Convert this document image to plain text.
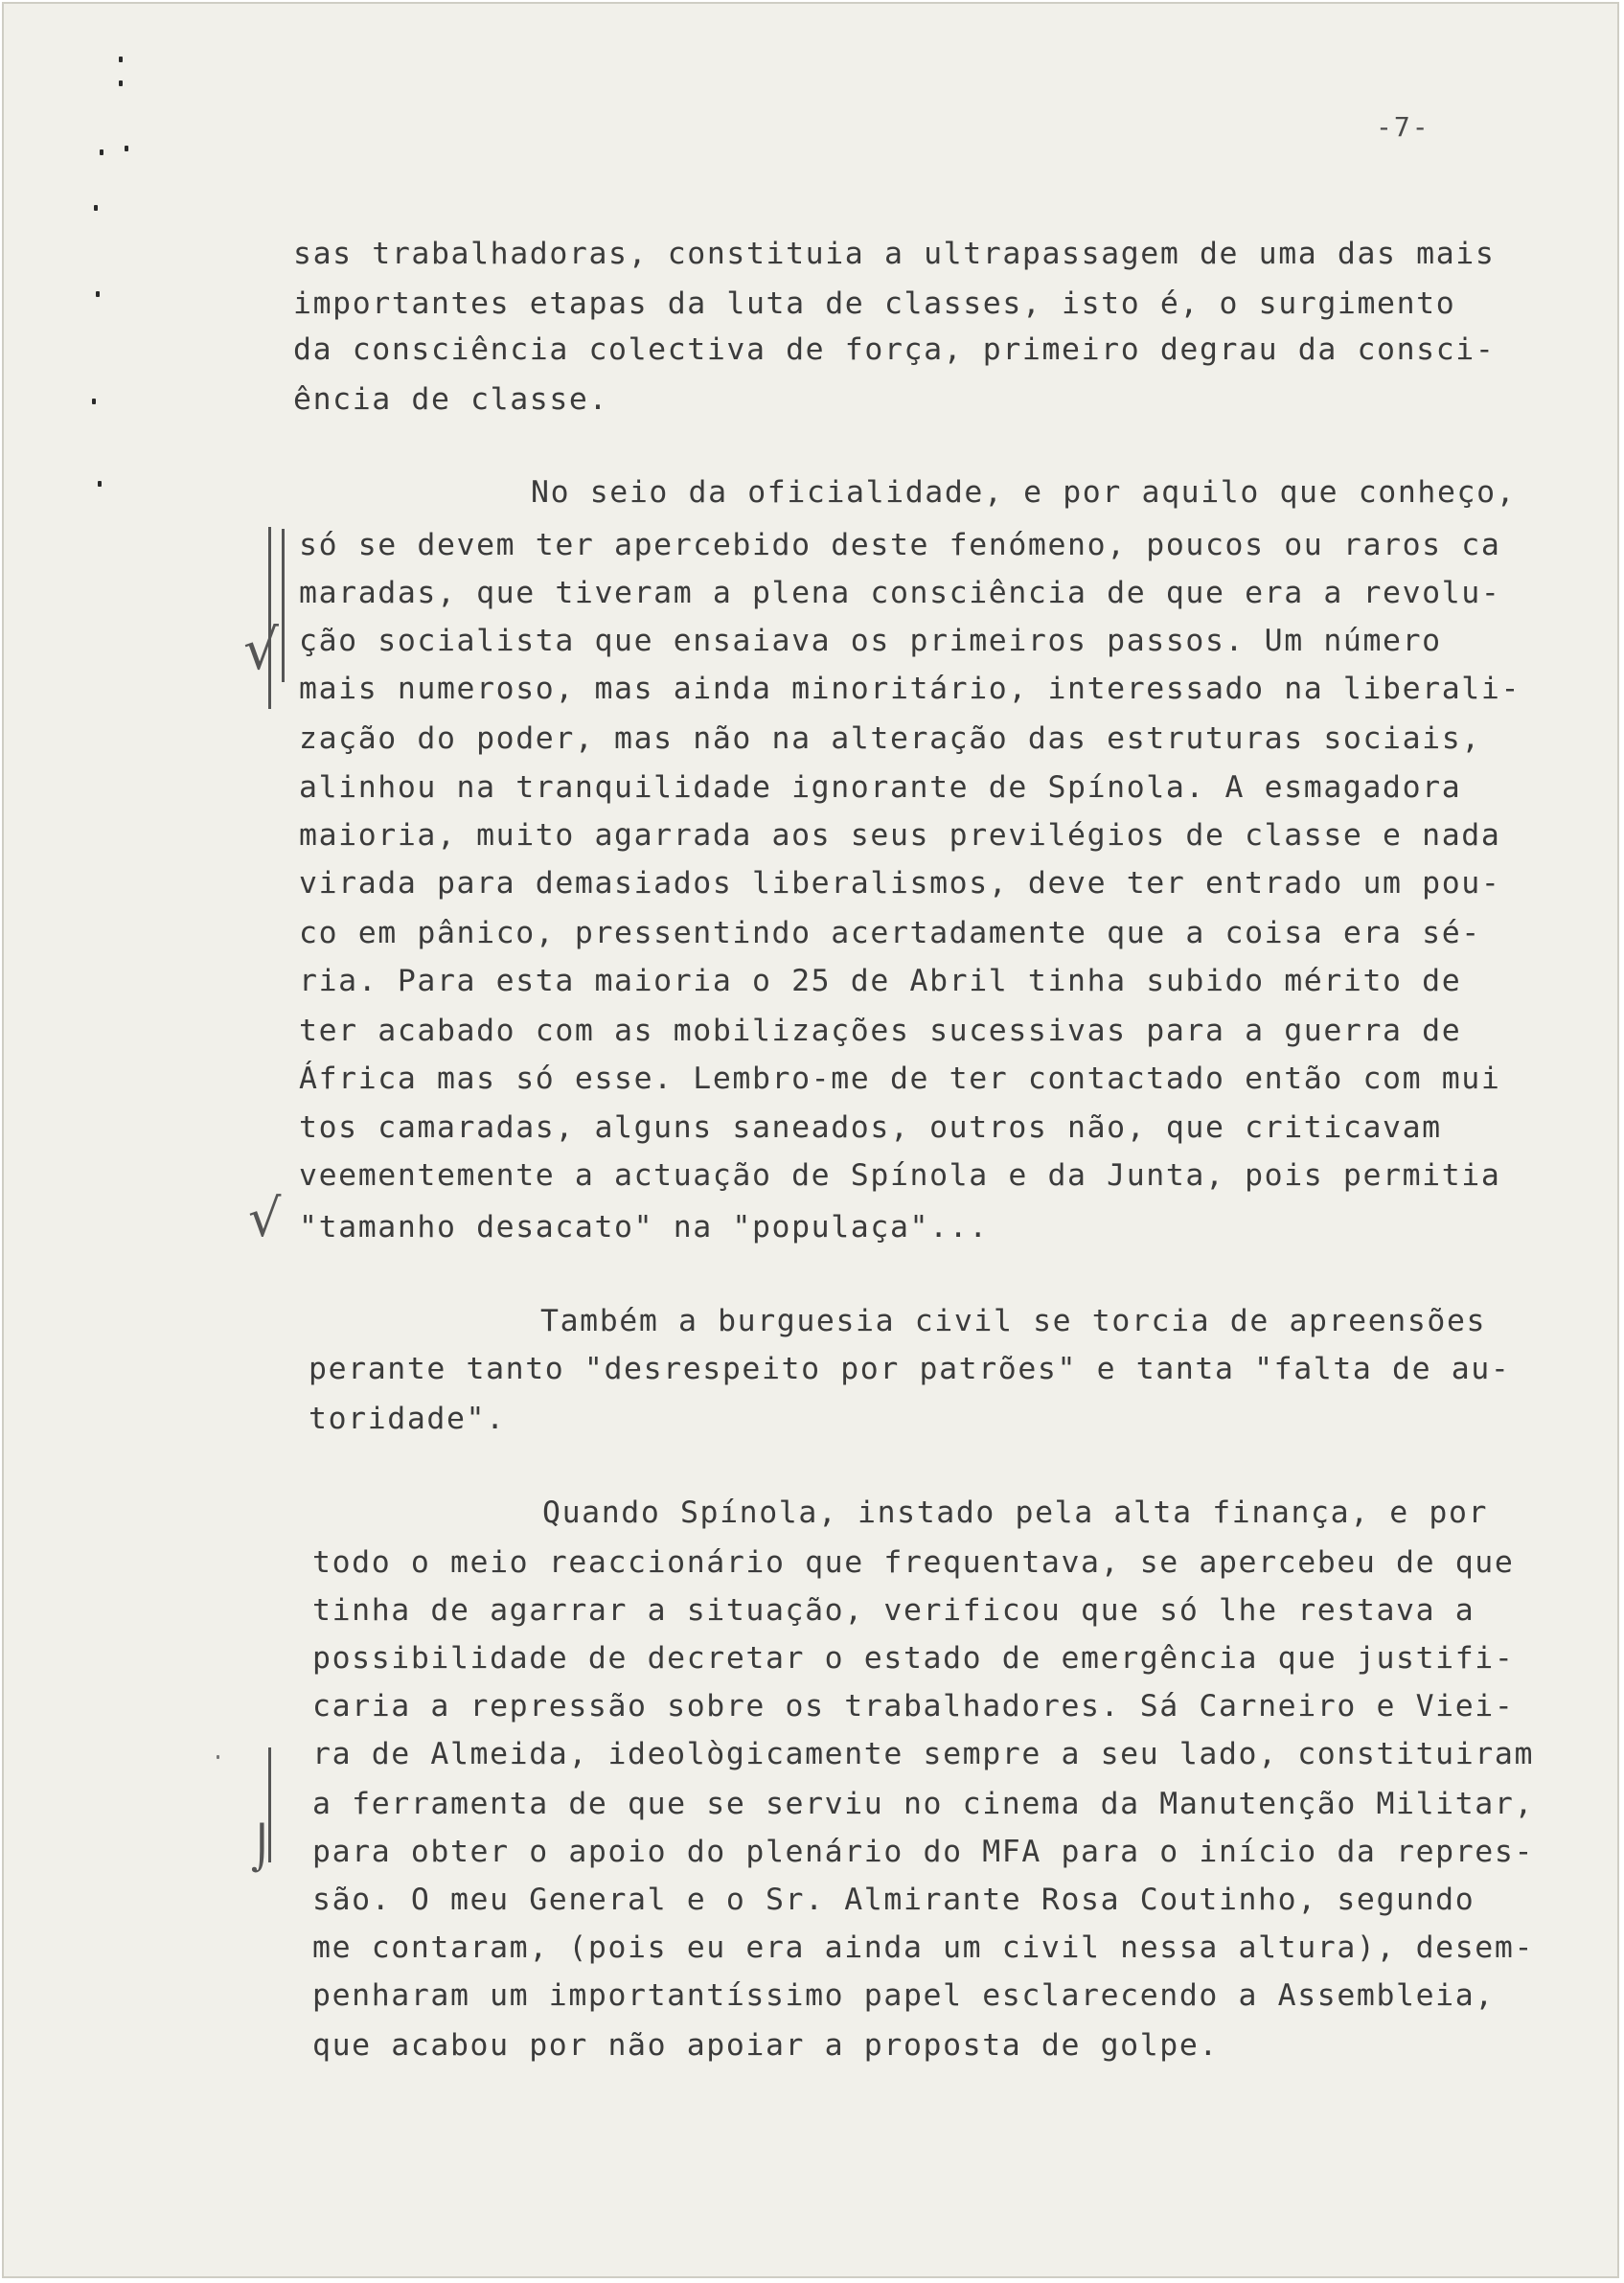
-7-
sas trabalhadoras, constituia a ultrapassagem de uma das mais
importantes etapas da luta de classes, isto é, o surgimento
da consciência colectiva de força, primeiro degrau da consci-
ência de classe.
No seio da oficialidade, e por aquilo que conheço,
só se devem ter apercebido deste fenómeno, poucos ou raros ca
maradas, que tiveram a plena consciência de que era a revolu-
ção socialista que ensaiava os primeiros passos. Um número
mais numeroso, mas ainda minoritário, interessado na liberali-
zação do poder, mas não na alteração das estruturas sociais,
alinhou na tranquilidade ignorante de Spínola. A esmagadora
maioria, muito agarrada aos seus previlégios de classe e nada
virada para demasiados liberalismos, deve ter entrado um pou-
co em pânico, pressentindo acertadamente que a coisa era sé-
ria. Para esta maioria o 25 de Abril tinha subido mérito de
ter acabado com as mobilizações sucessivas para a guerra de
África mas só esse. Lembro-me de ter contactado então com mui
tos camaradas, alguns saneados, outros não, que criticavam
veementemente a actuação de Spínola e da Junta, pois permitia
"tamanho desacato" na "populaça"...
Também a burguesia civil se torcia de apreensões
perante tanto "desrespeito por patrões" e tanta "falta de au-
toridade".
Quando Spínola, instado pela alta finança, e por
todo o meio reaccionário que frequentava, se apercebeu de que
tinha de agarrar a situação, verificou que só lhe restava a
possibilidade de decretar o estado de emergência que justifi-
caria a repressão sobre os trabalhadores. Sá Carneiro e Viei-
ra de Almeida, ideològicamente sempre a seu lado, constituiram
a ferramenta de que se serviu no cinema da Manutenção Militar,
para obter o apoio do plenário do MFA para o início da repres-
são. O meu General e o Sr. Almirante Rosa Coutinho, segundo
me contaram, (pois eu era ainda um civil nessa altura), desem-
penharam um importantíssimo papel esclarecendo a Assembleia,
que acabou por não apoiar a proposta de golpe.
√
√
⌡
